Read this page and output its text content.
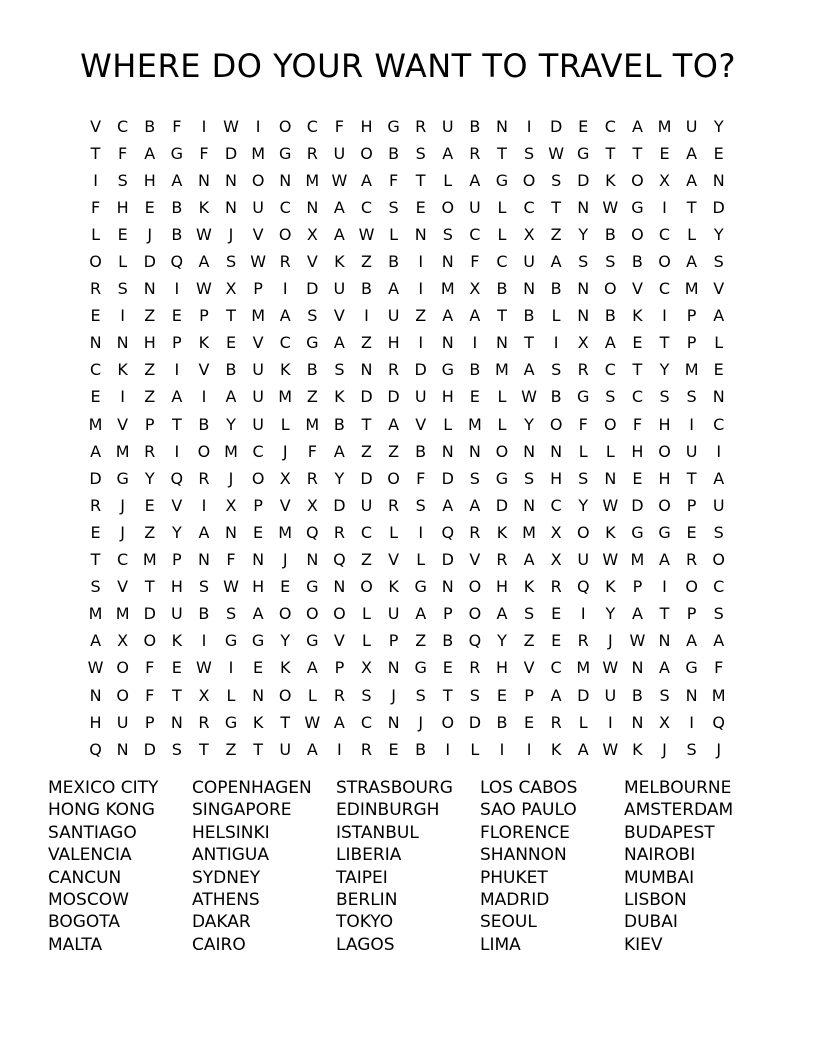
WHERE DO YOUR WANT TO TRAVEL TO?
V	C	B	F	I	W	I	O C	F	H G R U B N	I	D E	C	A M U	Y
T	F	A G	F	D M G R U O B	S	A	R	T	S W G	T	T	E	A	E
I	S	H A N N O N M W A	F	T	L	A G O S D K O X	A N
F	H	E	B	K N U C N A	C	S	E O U	L	C	T	N W G	I	T	D
L	E	J	B W	J	V O X	A W L	N	S	C	L	X	Z	Y	B O C	L	Y
O	L	D Q A	S W R	V	K	Z	B	I	N	F	C U A	S	S	B O A	S
R	S	N	I	W X	P	I	D U B	A	I	M X	B N B N O V	C M V
E	I	Z	E	P	T M A	S	V	I	U Z	A	A	T	B	L	N B	K	I	P	A
N N H	P	K	E	V	C G A	Z H	I	N	I	N	T	I	X	A	E	T	P	L
C	K	Z	I	V	B U K	B	S	N R D G B M A	S	R C	T	Y M E
E	I	Z	A	I	A U M Z	K D D U H	E	L W B G S	C	S	S	N
M V	P	T	B	Y	U	L M B	T	A	V	L M L	Y O	F	O	F	H	I	C
A M R	I	O M C	J	F	A	Z	Z	B N N O N N	L	L	H O U	I
D G	Y Q R	J	O X	R	Y	D O	F	D S G S	H	S	N	E	H	T	A
R	J	E	V	I	X	P	V	X D U R	S	A	A D N C	Y W D O P	U
E	J	Z	Y	A N	E M Q R C	L	I	Q R	K M X O K G G E	S
T	C M P	N	F	N	J	N Q Z	V	L	D V	R	A	X U W M A	R O
S	V	T	H	S W H	E G N O K G N O H K	R Q K	P	I	O C
M M D U B	S	A O O O	L	U A	P O A	S	E	I	Y	A	T	P	S
A	X O K	I	G G	Y	G V	L	P	Z	B Q Y	Z	E	R	J	W N A	A
W O	F	E W	I	E	K	A	P	X N G E	R H V	C M W N A G	F
N O	F	T	X	L	N O	L	R	S	J	S	T	S	E	P	A D U B	S	N M
H U	P	N R G K	T W A	C N	J	O D B	E	R	L	I	N X	I	Q
Q N D S	T	Z	T	U A	I	R	E	B	I	L	I	I	K	A W K	J	S	J
MEXICO CITY
HONG KONG
SANTIAGO
VALENCIA
CANCUN
MOSCOW
BOGOTA
MALTA
COPENHAGEN
SINGAPORE
HELSINKI
ANTIGUA
SYDNEY
ATHENS
DAKAR
CAIRO
STRASBOURG
EDINBURGH
ISTANBUL
LIBERIA
TAIPEI
BERLIN
TOKYO
LAGOS
LOS CABOS
SAO PAULO
FLORENCE
SHANNON
PHUKET
MADRID
SEOUL
LIMA
MELBOURNE
AMSTERDAM
BUDAPEST
NAIROBI
MUMBAI
LISBON
DUBAI
KIEV
